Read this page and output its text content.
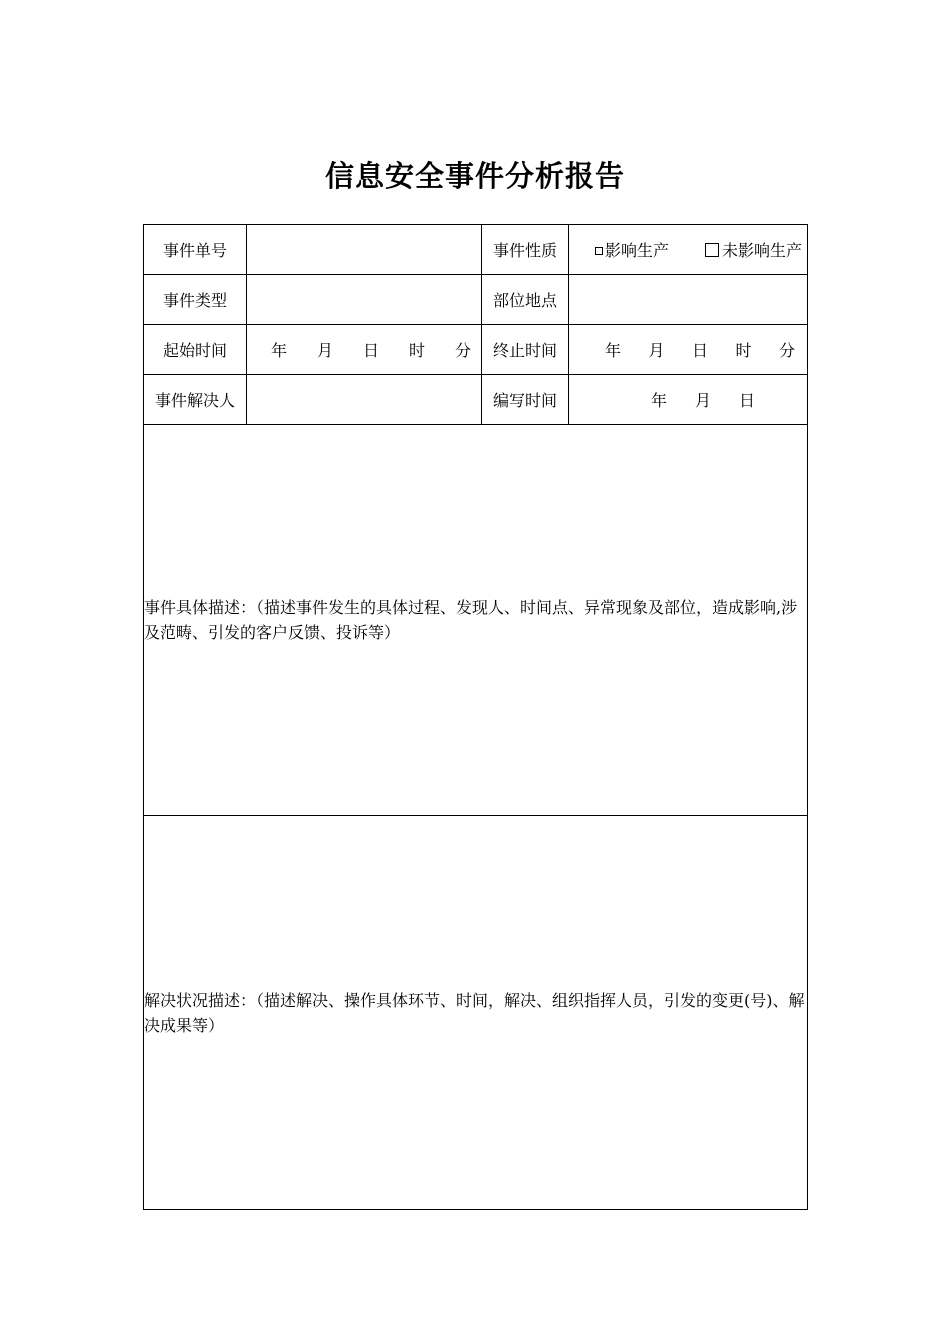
信息安全事件分析报告
事件单号		事件性质	影响生产 未影响生产

事件类型		部位地点	
起始时间	年 月 日 时 分	终止时间	年 月 日 时 分

事件解决人		编写时间	年 月 日

事件具体描述：（描述事件发生的具体过程、发现人、时间点、异常现象及部位，造成影响,涉及范畴、引发的客户反馈、投诉等）			
解决状况描述：（描述解决、操作具体环节、时间，解决、组织指挥人员，引发的变更(号)、解决成果等）			
